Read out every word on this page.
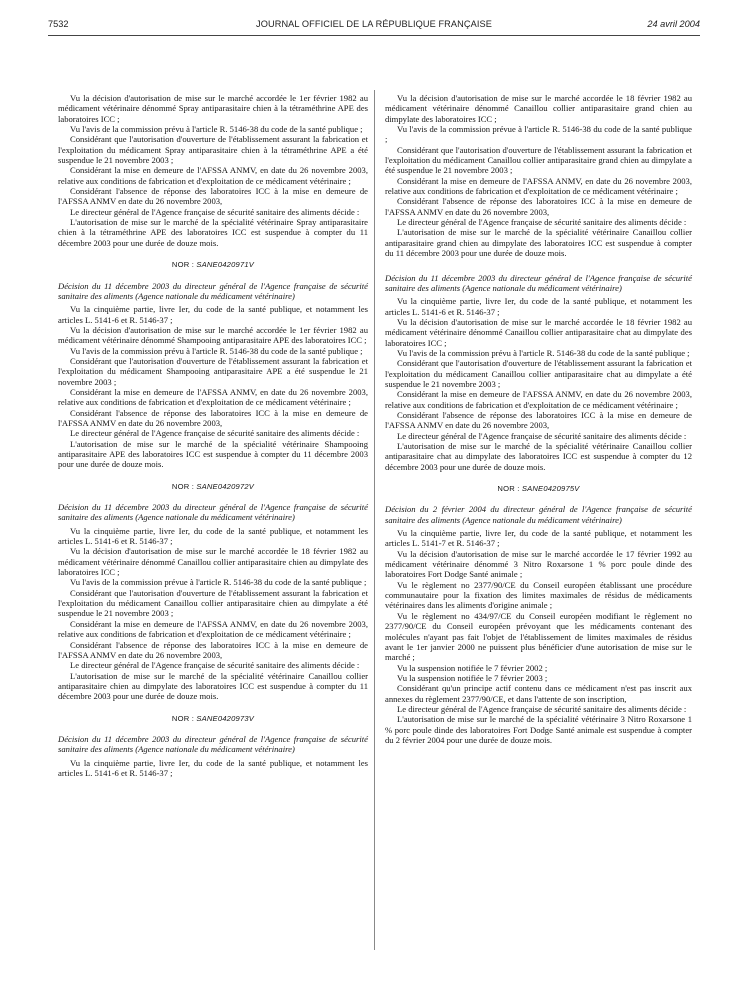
7532	JOURNAL OFFICIEL DE LA RÉPUBLIQUE FRANÇAISE	24 avril 2004

Vu la décision d'autorisation de mise sur le marché accordée le 1er février 1982 au médicament vétérinaire dénommé Spray antiparasitaire chien à la tétraméthrine APE des laboratoires ICC ;

Vu l'avis de la commission prévu à l'article R. 5146-38 du code de la santé publique ;

Considérant que l'autorisation d'ouverture de l'établissement assurant la fabrication et l'exploitation du médicament Spray antiparasitaire chien à la tétraméthrine APE a été suspendue le 21 novembre 2003 ;

Considérant la mise en demeure de l'AFSSA ANMV, en date du 26 novembre 2003, relative aux conditions de fabrication et d'exploitation de ce médicament vétérinaire ;

Considérant l'absence de réponse des laboratoires ICC à la mise en demeure de l'AFSSA ANMV en date du 26 novembre 2003,

Le directeur général de l'Agence française de sécurité sanitaire des aliments décide :

L'autorisation de mise sur le marché de la spécialité vétérinaire Spray antiparasitaire chien à la tétraméthrine APE des laboratoires ICC est suspendue à compter du 11 décembre 2003 pour une durée de douze mois.

NOR : SANE0420971V

Décision du 11 décembre 2003 du directeur général de l'Agence française de sécurité sanitaire des aliments (Agence nationale du médicament vétérinaire)

Vu la cinquième partie, livre Ier, du code de la santé publique, et notamment les articles L. 5141-6 et R. 5146-37 ;

Vu la décision d'autorisation de mise sur le marché accordée le 1er février 1982 au médicament vétérinaire dénommé Shampooing antiparasitaire APE des laboratoires ICC ;

Vu l'avis de la commission prévu à l'article R. 5146-38 du code de la santé publique ;

Considérant que l'autorisation d'ouverture de l'établissement assurant la fabrication et l'exploitation du médicament Shampooing antiparasitaire APE a été suspendue le 21 novembre 2003 ;

Considérant la mise en demeure de l'AFSSA ANMV, en date du 26 novembre 2003, relative aux conditions de fabrication et d'exploitation de ce médicament vétérinaire ;

Considérant l'absence de réponse des laboratoires ICC à la mise en demeure de l'AFSSA ANMV en date du 26 novembre 2003,

Le directeur général de l'Agence française de sécurité sanitaire des aliments décide :

L'autorisation de mise sur le marché de la spécialité vétérinaire Shampooing antiparasitaire APE des laboratoires ICC est suspendue à compter du 11 décembre 2003 pour une durée de douze mois.

NOR : SANE0420972V

Décision du 11 décembre 2003 du directeur général de l'Agence française de sécurité sanitaire des aliments (Agence nationale du médicament vétérinaire)

Vu la cinquième partie, livre Ier, du code de la santé publique, et notamment les articles L. 5141-6 et R. 5146-37 ;

Vu la décision d'autorisation de mise sur le marché accordée le 18 février 1982 au médicament vétérinaire dénommé Canaillou collier antiparasitaire chien au dimpylate des laboratoires ICC ;

Vu l'avis de la commission prévue à l'article R. 5146-38 du code de la santé publique ;

Considérant que l'autorisation d'ouverture de l'établissement assurant la fabrication et l'exploitation du médicament Canaillou collier antiparasitaire chien au dimpylate a été suspendue le 21 novembre 2003 ;

Considérant la mise en demeure de l'AFSSA ANMV, en date du 26 novembre 2003, relative aux conditions de fabrication et d'exploitation de ce médicament vétérinaire ;

Considérant l'absence de réponse des laboratoires ICC à la mise en demeure de l'AFSSA ANMV en date du 26 novembre 2003,

Le directeur général de l'Agence française de sécurité sanitaire des aliments décide :

L'autorisation de mise sur le marché de la spécialité vétérinaire Canaillou collier antiparasitaire chien au dimpylate des laboratoires ICC est suspendue à compter du 11 décembre 2003 pour une durée de douze mois.

NOR : SANE0420973V

Décision du 11 décembre 2003 du directeur général de l'Agence française de sécurité sanitaire des aliments (Agence nationale du médicament vétérinaire)

Vu la cinquième partie, livre Ier, du code de la santé publique, et notamment les articles L. 5141-6 et R. 5146-37 ;

Vu la décision d'autorisation de mise sur le marché accordée le 18 février 1982 au médicament vétérinaire dénommé Canaillou collier antiparasitaire grand chien au dimpylate des laboratoires ICC ;

Vu l'avis de la commission prévue à l'article R. 5146-38 du code de la santé publique ;

Considérant que l'autorisation d'ouverture de l'établissement assurant la fabrication et l'exploitation du médicament Canaillou collier antiparasitaire grand chien au dimpylate a été suspendue le 21 novembre 2003 ;

Considérant la mise en demeure de l'AFSSA ANMV, en date du 26 novembre 2003, relative aux conditions de fabrication et d'exploitation de ce médicament vétérinaire ;

Considérant l'absence de réponse des laboratoires ICC à la mise en demeure de l'AFSSA ANMV en date du 26 novembre 2003,

Le directeur général de l'Agence française de sécurité sanitaire des aliments décide :

L'autorisation de mise sur le marché de la spécialité vétérinaire Canaillou collier antiparasitaire grand chien au dimpylate des laboratoires ICC est suspendue à compter du 11 décembre 2003 pour une durée de douze mois.

Décision du 11 décembre 2003 du directeur général de l'Agence française de sécurité sanitaire des aliments (Agence nationale du médicament vétérinaire)

Vu la cinquième partie, livre Ier, du code de la santé publique, et notamment les articles L. 5141-6 et R. 5146-37 ;

Vu la décision d'autorisation de mise sur le marché accordée le 18 février 1982 au médicament vétérinaire dénommé Canaillou collier antiparasitaire chat au dimpylate des laboratoires ICC ;

Vu l'avis de la commission prévu à l'article R. 5146-38 du code de la santé publique ;

Considérant que l'autorisation d'ouverture de l'établissement assurant la fabrication et l'exploitation du médicament Canaillou collier antiparasitaire chat au dimpylate a été suspendue le 21 novembre 2003 ;

Considérant la mise en demeure de l'AFSSA ANMV, en date du 26 novembre 2003, relative aux conditions de fabrication et d'exploitation de ce médicament vétérinaire ;

Considérant l'absence de réponse des laboratoires ICC à la mise en demeure de l'AFSSA ANMV en date du 26 novembre 2003,

Le directeur général de l'Agence française de sécurité sanitaire des aliments décide :

L'autorisation de mise sur le marché de la spécialité vétérinaire Canaillou collier antiparasitaire chat au dimpylate des laboratoires ICC est suspendue à compter du 12 décembre 2003 pour une durée de douze mois.

NOR : SANE0420975V

Décision du 2 février 2004 du directeur général de l'Agence française de sécurité sanitaire des aliments (Agence nationale du médicament vétérinaire)

Vu la cinquième partie, livre Ier, du code de la santé publique, et notamment les articles L. 5141-7 et R. 5146-37 ;

Vu la décision d'autorisation de mise sur le marché accordée le 17 février 1992 au médicament vétérinaire dénommé 3 Nitro Roxarsone 1 % porc poule dinde des laboratoires Fort Dodge Santé animale ;

Vu le règlement no 2377/90/CE du Conseil européen établissant une procédure communautaire pour la fixation des limites maximales de résidus de médicaments vétérinaires dans les aliments d'origine animale ;

Vu le règlement no 434/97/CE du Conseil européen modifiant le règlement no 2377/90/CE du Conseil européen prévoyant que les médicaments contenant des molécules n'ayant pas fait l'objet de l'établissement de limites maximales de résidus avant le 1er janvier 2000 ne puissent plus bénéficier d'une autorisation de mise sur le marché ;

Vu la suspension notifiée le 7 février 2002 ;

Vu la suspension notifiée le 7 février 2003 ;

Considérant qu'un principe actif contenu dans ce médicament n'est pas inscrit aux annexes du règlement 2377/90/CE, et dans l'attente de son inscription,

Le directeur général de l'Agence française de sécurité sanitaire des aliments décide :

L'autorisation de mise sur le marché de la spécialité vétérinaire 3 Nitro Roxarsone 1 % porc poule dinde des laboratoires Fort Dodge Santé animale est suspendue à compter du 2 février 2004 pour une durée de douze mois.
